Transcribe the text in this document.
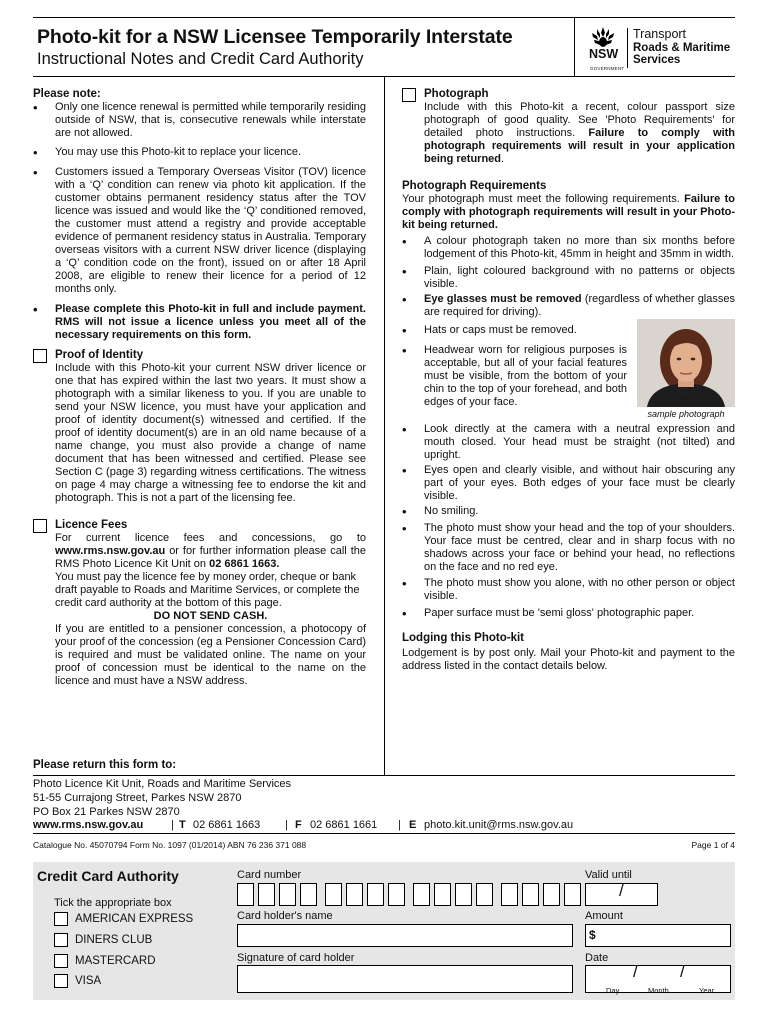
Photo-kit for a NSW Licensee Temporarily Interstate
Instructional Notes and Credit Card Authority	NSW
GOVERNMENT
Transport
Roads & Maritime
Services
Please note:
• Only one licence renewal is permitted while temporarily residing outside of NSW, that is, consecutive renewals while interstate are not allowed.
• You may use this Photo-kit to replace your licence.
• Customers issued a Temporary Overseas Visitor (TOV) licence with a ‘Q’ condition can renew via photo kit application. If the customer obtains permanent residency status after the TOV licence was issued and would like the ‘Q’ conditioned removed, the customer must attend a registry and provide acceptable evidence of permanent residency status in Australia. Temporary overseas visitors with a current NSW driver licence (displaying a ‘Q’ condition code on the front), issued on or after 18 April 2008, are eligible to renew their licence for a period of 12 months only.
• Please complete this Photo-kit in full and include payment. RMS will not issue a licence unless you meet all of the necessary requirements on this form.
Proof of Identity
Include with this Photo-kit your current NSW driver licence or one that has expired within the last two years. It must show a photograph with a similar likeness to you. If you are unable to send your NSW licence, you must have your application and proof of identity document(s) witnessed and certified. If the proof of identity document(s) are in an old name because of a name change, you must also provide a change of name document that has been witnessed and certified. Please see Section C (page 3) regarding witness certifications. The witness on page 4 may charge a witnessing fee to endorse the kit and photograph. This is not a part of the licensing fee.
Licence Fees
For current licence fees and concessions, go to www.rms.nsw.gov.au or for further information please call the RMS Photo Licence Kit Unit on 02 6861 1663.
You must pay the licence fee by money order, cheque or bank draft payable to Roads and Maritime Services, or complete the credit card authority at the bottom of this page.
DO NOT SEND CASH.
If you are entitled to a pensioner concession, a photocopy of your proof of the concession (eg a Pensioner Concession Card) is required and must be validated online. The name on your proof of concession must be identical to the name on the licence and must have a NSW address.
Photograph
Include with this Photo-kit a recent, colour passport size photograph of good quality. See 'Photo Requirements' for detailed photo instructions. Failure to comply with photograph requirements will result in your application being returned.
Photograph Requirements
Your photograph must meet the following requirements. Failure to comply with photograph requirements will result in your Photo-kit being returned.
• A colour photograph taken no more than six months before lodgement of this Photo-kit, 45mm in height and 35mm in width.
• Plain, light coloured background with no patterns or objects visible.
• Eye glasses must be removed (regardless of whether glasses are required for driving).
• Hats or caps must be removed.
• sample photograph
Headwear worn for religious purposes is acceptable, but all of your facial features must be visible, from the bottom of your chin to the top of your forehead, and both edges of your face.
• Look directly at the camera with a neutral expression and mouth closed. Your head must be straight (not tilted) and upright.
• Eyes open and clearly visible, and without hair obscuring any part of your eyes. Both edges of your face must be clearly visible.
• No smiling.
• The photo must show your head and the top of your shoulders. Your face must be centred, clear and in sharp focus with no shadows across your face or behind your head, no reflections on the face and no red eye.
• The photo must show you alone, with no other person or object visible.
• Paper surface must be 'semi gloss' photographic paper.
Lodging this Photo-kit
Lodgement is by post only. Mail your Photo-kit and payment to the address listed in the contact details below.
Please return this form to:
Photo Licence Kit Unit, Roads and Maritime Services
51-55 Currajong Street, Parkes NSW 2870
PO Box 21 Parkes NSW 2870
www.rms.nsw.gov.au	| T 02 6861 1663 | F 02 6861 1661 | E photo.kit.unit@rms.nsw.gov.au
Catalogue No. 45070794 Form No. 1097 (01/2014) ABN 76 236 371 088	Page 1 of 4
Credit Card Authority
Tick the appropriate box
AMERICAN EXPRESS
DINERS CLUB
MASTERCARD
VISA
Card number	Valid until
/
Card holder's name	Amount
$
Signature of card holder	Date
/ /
Day	Month	Year
